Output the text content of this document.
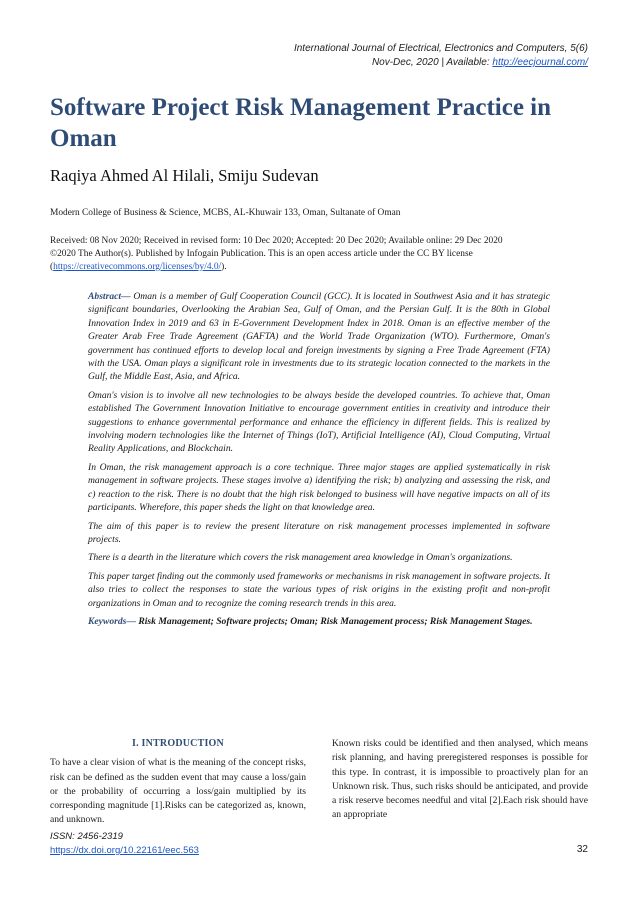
International Journal of Electrical, Electronics and Computers, 5(6)
Nov-Dec, 2020 | Available: http://eecjournal.com/
Software Project Risk Management Practice in Oman
Raqiya Ahmed Al Hilali, Smiju Sudevan
Modern College of Business & Science, MCBS, AL-Khuwair 133, Oman, Sultanate of Oman
Received: 08 Nov 2020; Received in revised form: 10 Dec 2020; Accepted: 20 Dec 2020; Available online: 29 Dec 2020
©2020 The Author(s). Published by Infogain Publication. This is an open access article under the CC BY license
(https://creativecommons.org/licenses/by/4.0/).

Abstract— Oman is a member of Gulf Cooperation Council (GCC). It is located in Southwest Asia and it has strategic significant boundaries, Overlooking the Arabian Sea, Gulf of Oman, and the Persian Gulf. It is the 80th in Global Innovation Index in 2019 and 63 in E-Government Development Index in 2018. Oman is an effective member of the Greater Arab Free Trade Agreement (GAFTA) and the World Trade Organization (WTO). Furthermore, Oman's government has continued efforts to develop local and foreign investments by signing a Free Trade Agreement (FTA) with the USA. Oman plays a significant role in investments due to its strategic location connected to the markets in the Gulf, the Middle East, Asia, and Africa.

Oman's vision is to involve all new technologies to be always beside the developed countries. To achieve that, Oman established The Government Innovation Initiative to encourage government entities in creativity and introduce their suggestions to enhance governmental performance and enhance the efficiency in different fields. This is realized by involving modern technologies like the Internet of Things (IoT), Artificial Intelligence (AI), Cloud Computing, Virtual Reality Applications, and Blockchain.

In Oman, the risk management approach is a core technique. Three major stages are applied systematically in risk management in software projects. These stages involve a) identifying the risk; b) analyzing and assessing the risk, and c) reaction to the risk. There is no doubt that the high risk belonged to business will have negative impacts on all of its participants. Wherefore, this paper sheds the light on that knowledge area.

The aim of this paper is to review the present literature on risk management processes implemented in software projects.

There is a dearth in the literature which covers the risk management area knowledge in Oman's organizations.

This paper target finding out the commonly used frameworks or mechanisms in risk management in software projects. It also tries to collect the responses to state the various types of risk origins in the existing profit and non-profit organizations in Oman and to recognize the coming research trends in this area.

Keywords— Risk Management; Software projects; Oman; Risk Management process; Risk Management Stages.

I. INTRODUCTION

To have a clear vision of what is the meaning of the concept risks, risk can be defined as the sudden event that may cause a loss/gain or the probability of occurring a loss/gain multiplied by its corresponding magnitude [1].Risks can be categorized as, known, and unknown.

Known risks could be identified and then analysed, which means risk planning, and having preregistered responses is possible for this type. In contrast, it is impossible to proactively plan for an Unknown risk. Thus, such risks should be anticipated, and provide a risk reserve becomes needful and vital [2].Each risk should have an appropriate

ISSN: 2456-2319
https://dx.doi.org/10.22161/eec.563	32
